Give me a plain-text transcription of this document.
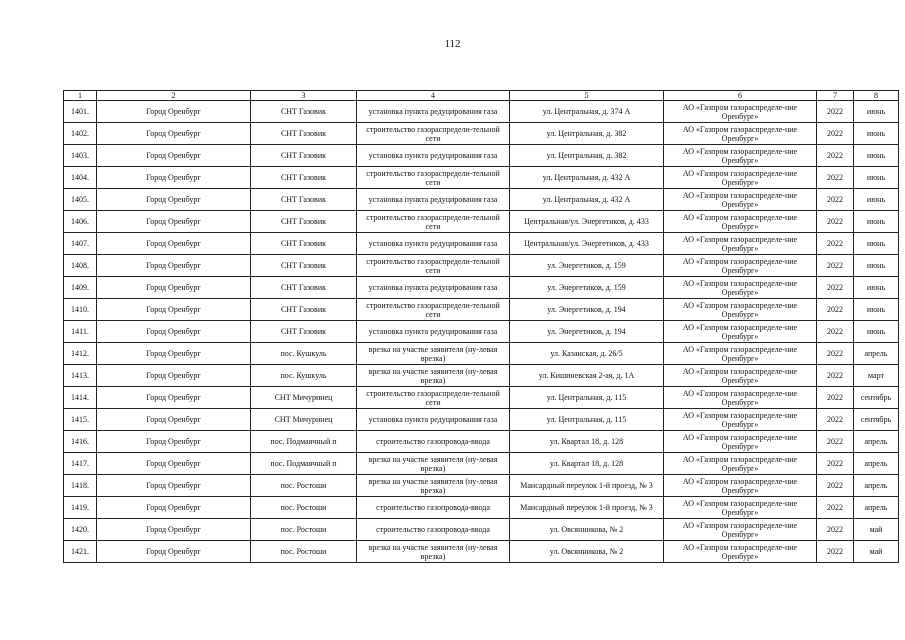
112
1	2	3	4	5	6	7	8
1401.	Город Оренбург	СНТ Газовик	установка пункта редуцирования газа	ул. Центральная, д. 374 А	АО «Газпром газораспределе-ние Оренбург»	2022	июнь
1402.	Город Оренбург	СНТ Газовик	строительство газораспредели-тельной сети	ул. Центральная, д. 382	АО «Газпром газораспределе-ние Оренбург»	2022	июнь
1403.	Город Оренбург	СНТ Газовик	установка пункта редуцирования газа	ул. Центральная, д. 382	АО «Газпром газораспределе-ние Оренбург»	2022	июнь
1404.	Город Оренбург	СНТ Газовик	строительство газораспредели-тельной сети	ул. Центральная, д. 432 А	АО «Газпром газораспределе-ние Оренбург»	2022	июнь
1405.	Город Оренбург	СНТ Газовик	установка пункта редуцирования газа	ул. Центральная, д. 432 А	АО «Газпром газораспределе-ние Оренбург»	2022	июнь
1406.	Город Оренбург	СНТ Газовик	строительство газораспредели-тельной сети	Центральная/ул. Энергетиков, д. 433	АО «Газпром газораспределе-ние Оренбург»	2022	июнь
1407.	Город Оренбург	СНТ Газовик	установка пункта редуцирования газа	Центральная/ул. Энергетиков, д. 433	АО «Газпром газораспределе-ние Оренбург»	2022	июнь
1408.	Город Оренбург	СНТ Газовик	строительство газораспредели-тельной сети	ул. Энергетиков, д. 159	АО «Газпром газораспределе-ние Оренбург»	2022	июнь
1409.	Город Оренбург	СНТ Газовик	установка пункта редуцирования газа	ул. Энергетиков, д. 159	АО «Газпром газораспределе-ние Оренбург»	2022	июнь
1410.	Город Оренбург	СНТ Газовик	строительство газораспредели-тельной сети	ул. Энергетиков, д. 194	АО «Газпром газораспределе-ние Оренбург»	2022	июнь
1411.	Город Оренбург	СНТ Газовик	установка пункта редуцирования газа	ул. Энергетиков, д. 194	АО «Газпром газораспределе-ние Оренбург»	2022	июнь
1412.	Город Оренбург	пос. Кушкуль	врезка на участке заявителя (ну-левая врезка)	ул. Казанская, д. 26/5	АО «Газпром газораспределе-ние Оренбург»	2022	апрель
1413.	Город Оренбург	пос. Кушкуль	врезка на участке заявителя (ну-левая врезка)	ул. Кишиневская 2-ая, д. 1А	АО «Газпром газораспределе-ние Оренбург»	2022	март
1414.	Город Оренбург	СНТ Мичуринец	строительство газораспредели-тельной сети	ул. Центральная, д. 115	АО «Газпром газораспределе-ние Оренбург»	2022	сентябрь
1415.	Город Оренбург	СНТ Мичуринец	установка пункта редуцирования газа	ул. Центральная, д. 115	АО «Газпром газораспределе-ние Оренбург»	2022	сентябрь
1416.	Город Оренбург	пос. Подмаячный п	строительство газопровода-ввода	ул. Квартал 18, д. 128	АО «Газпром газораспределе-ние Оренбург»	2022	апрель
1417.	Город Оренбург	пос. Подмаячный п	врезка на участке заявителя (ну-левая врезка)	ул. Квартал 18, д. 128	АО «Газпром газораспределе-ние Оренбург»	2022	апрель
1418.	Город Оренбург	пос. Ростоши	врезка на участке заявителя (ну-левая врезка)	Мансардный переулок 1-й проезд, № 3	АО «Газпром газораспределе-ние Оренбург»	2022	апрель
1419.	Город Оренбург	пос. Ростоши	строительство газопровода-ввода	Мансардный переулок 1-й проезд, № 3	АО «Газпром газораспределе-ние Оренбург»	2022	апрель
1420.	Город Оренбург	пос. Ростоши	строительство газопровода-ввода	ул. Овсянникова, № 2	АО «Газпром газораспределе-ние Оренбург»	2022	май
1421.	Город Оренбург	пос. Ростоши	врезка на участке заявителя (ну-левая врезка)	ул. Овсянникова, № 2	АО «Газпром газораспределе-ние Оренбург»	2022	май
